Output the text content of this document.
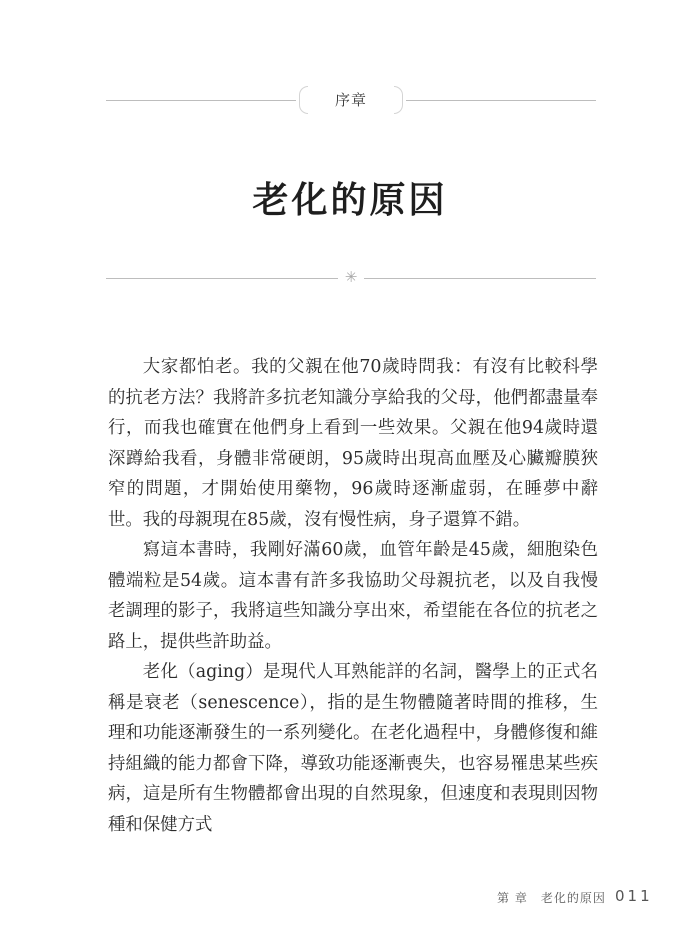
序章
老化的原因
✳

大家都怕老。我的父親在他70歲時問我：有沒有比較科學的抗老方法？我將許多抗老知識分享給我的父母，他們都盡量奉行，而我也確實在他們身上看到一些效果。父親在他94歲時還深蹲給我看，身體非常硬朗，95歲時出現高血壓及心臟瓣膜狹窄的問題，才開始使用藥物，96歲時逐漸虛弱，在睡夢中辭世。我的母親現在85歲，沒有慢性病，身子還算不錯。

寫這本書時，我剛好滿60歲，血管年齡是45歲，細胞染色體端粒是54歲。這本書有許多我協助父母親抗老，以及自我慢老調理的影子，我將這些知識分享出來，希望能在各位的抗老之路上，提供些許助益。

老化（aging）是現代人耳熟能詳的名詞，醫學上的正式名稱是衰老（senescence），指的是生物體隨著時間的推移，生理和功能逐漸發生的一系列變化。在老化過程中，身體修復和維持組織的能力都會下降，導致功能逐漸喪失，也容易罹患某些疾病，這是所有生物體都會出現的自然現象，但速度和表現則因物種和保健方式

第 章　老化的原因 011
